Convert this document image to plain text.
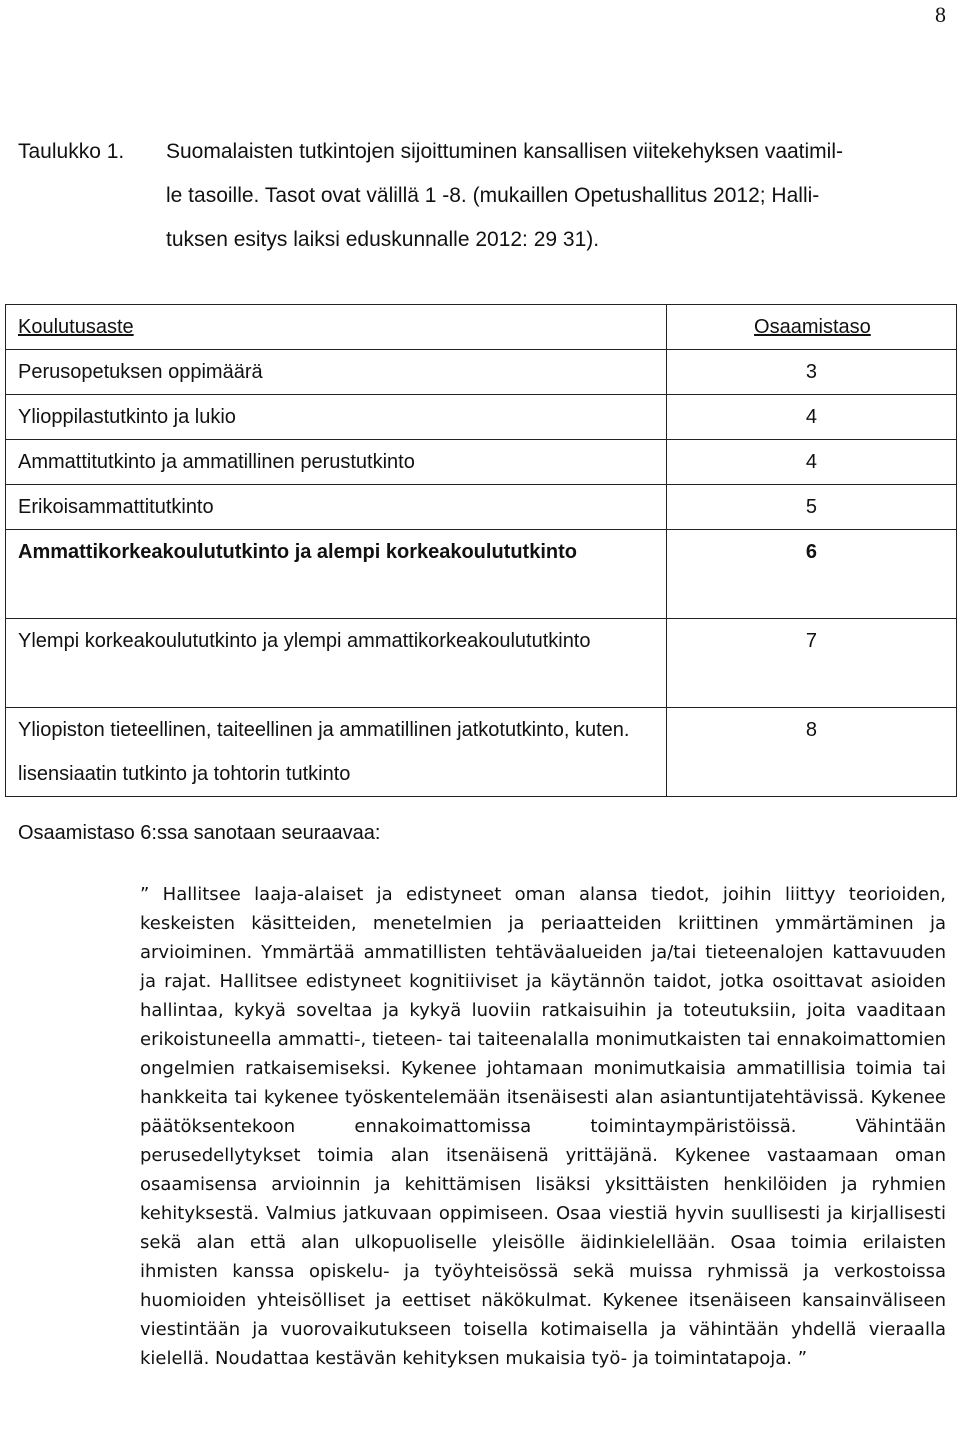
8
Taulukko 1. Suomalaisten tutkintojen sijoittuminen kansallisen viitekehyksen vaatimil-
le tasoille. Tasot ovat välillä 1 -8. (mukaillen Opetushallitus 2012; Halli-
tuksen esitys laiksi eduskunnalle 2012: 29 31).
Koulutusaste	Osaamistaso
Perusopetuksen oppimäärä	3
Ylioppilastutkinto ja lukio	4
Ammattitutkinto ja ammatillinen perustutkinto	4
Erikoisammattitutkinto	5
Ammattikorkeakoulututkinto ja alempi korkeakoulututkinto	6
Ylempi korkeakoulututkinto ja ylempi ammattikorkeakoulututkinto	7
Yliopiston tieteellinen, taiteellinen ja ammatillinen jatkotutkinto, kuten. lisensiaatin tutkinto ja tohtorin tutkinto	8
Osaamistaso 6:ssa sanotaan seuraavaa:
” Hallitsee laaja-alaiset ja edistyneet oman alansa tiedot, joihin liittyy teorioiden, keskeisten käsitteiden, menetelmien ja periaatteiden kriittinen ymmärtäminen ja arvioiminen. Ymmärtää ammatillisten tehtäväalueiden ja/tai tieteenalojen kattavuuden ja rajat. Hallitsee edistyneet kognitiiviset ja käytännön taidot, jotka osoittavat asioiden hallintaa, kykyä soveltaa ja kykyä luoviin ratkaisuihin ja toteutuksiin, joita vaaditaan erikoistuneella ammatti-, tieteen- tai taiteenalalla monimutkaisten tai ennakoimattomien ongelmien ratkaisemiseksi. Kykenee johtamaan monimutkaisia ammatillisia toimia tai hankkeita tai kykenee työskentelemään itsenäisesti alan asiantuntijatehtävissä. Kykenee päätöksentekoon ennakoimattomissa toimintaympäristöissä. Vähintään perusedellytykset toimia alan itsenäisenä yrittäjänä. Kykenee vastaamaan oman osaamisensa arvioinnin ja kehittämisen lisäksi yksittäisten henkilöiden ja ryhmien kehityksestä. Valmius jatkuvaan oppimiseen. Osaa viestiä hyvin suullisesti ja kirjallisesti sekä alan että alan ulkopuoliselle yleisölle äidinkielellään. Osaa toimia erilaisten ihmisten kanssa opiskelu- ja työyhteisössä sekä muissa ryhmissä ja verkostoissa huomioiden yhteisölliset ja eettiset näkökulmat. Kykenee itsenäiseen kansainväliseen viestintään ja vuorovaikutukseen toisella kotimaisella ja vähintään yhdellä vieraalla kielellä. Noudattaa kestävän kehityksen mukaisia työ- ja toimintatapoja. ”
